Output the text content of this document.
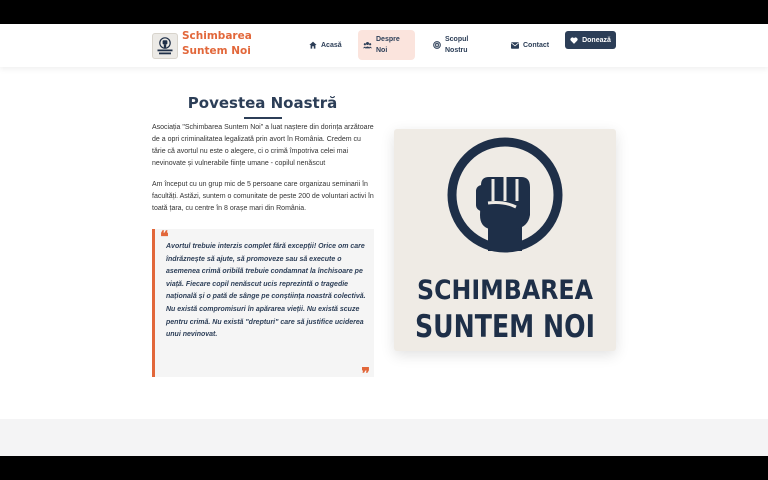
Schimbarea Suntem Noi	Acasă
Despre Noi
Scopul Nostru
Contact
Donează
Povestea Noastră

Asociația "Schimbarea Suntem Noi" a luat naștere din dorința arzătoare de a opri criminalitatea legalizată prin avort în România. Credem cu tărie că avortul nu este o alegere, ci o crimă împotriva celei mai nevinovate și vulnerabile ființe umane - copilul nenăscut

Am început cu un grup mic de 5 persoane care organizau seminarii în facultăți. Astăzi, suntem o comunitate de peste 200 de voluntari activi în toată țara, cu centre în 8 orașe mari din România.

❝
Avortul trebuie interzis complet fără excepții! Orice om care îndrăznește să ajute, să promoveze sau să execute o asemenea crimă oribilă trebuie condamnat la închisoare pe viață. Fiecare copil nenăscut ucis reprezintă o tragedie națională și o pată de sânge pe conștiința noastră colectivă. Nu există compromisuri în apărarea vieții. Nu există scuze pentru crimă. Nu există "drepturi" care să justifice uciderea unui nevinovat.
❞
SCHIMBAREA
SUNTEM NOI
